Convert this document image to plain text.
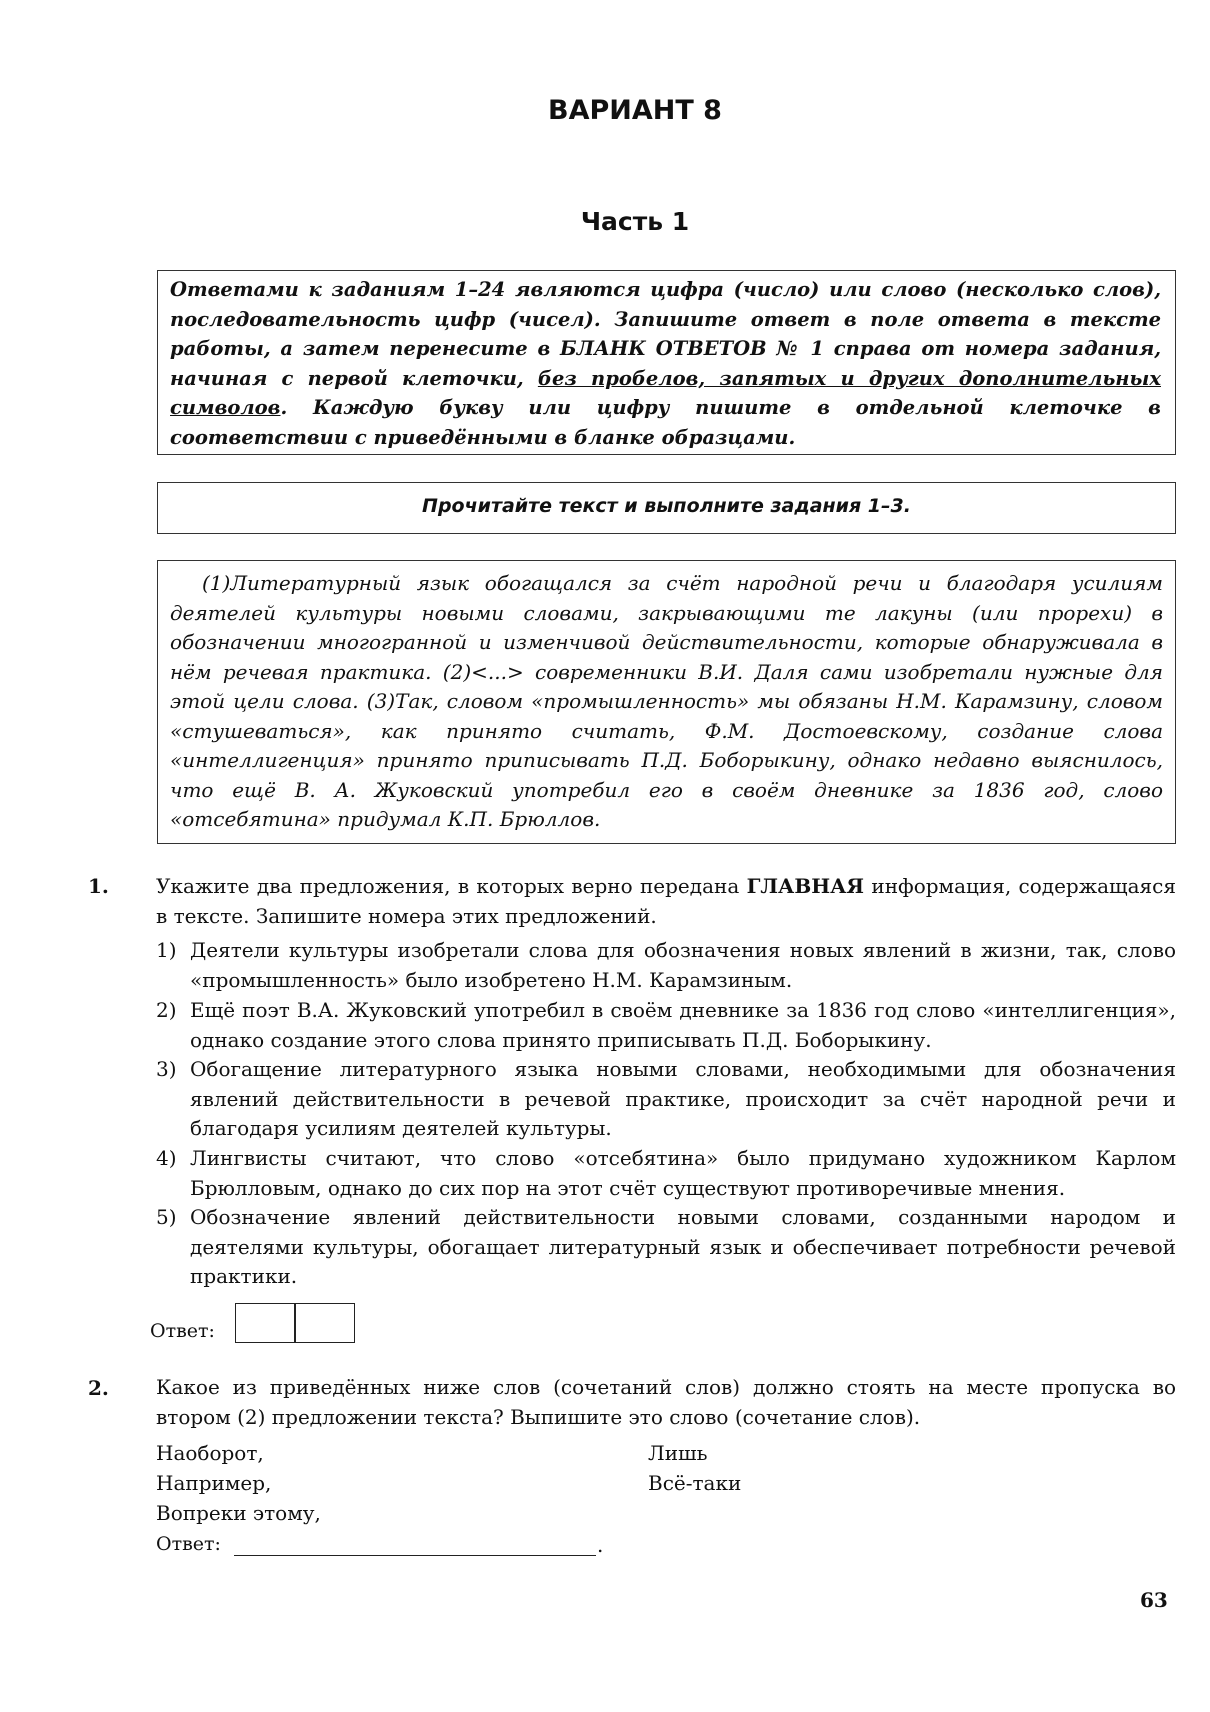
ВАРИАНТ 8
Часть 1
Ответами к заданиям 1–24 являются цифра (число) или слово (несколько слов), последовательность цифр (чисел). Запишите ответ в поле ответа в тексте работы, а затем перенесите в БЛАНК ОТВЕТОВ № 1 справа от номера задания, начиная с первой клеточки, без пробелов, запятых и других дополнительных символов. Каждую букву или цифру пишите в отдельной клеточке в соответствии с приведёнными в бланке образцами.
Прочитайте текст и выполните задания 1–3.
(1)Литературный язык обогащался за счёт народной речи и благодаря усилиям деятелей культуры новыми словами, закрывающими те лакуны (или прорехи) в обозначении многогранной и изменчивой действительности, которые обнаруживала в нём речевая практика. (2)<...> современники В.И. Даля сами изобретали нужные для этой цели слова. (3)Так, словом «промышленность» мы обязаны Н.М. Карамзину, словом «стушеваться», как принято считать, Ф.М. Достоевскому, создание слова «интеллигенция» принято приписывать П.Д. Боборыкину, однако недавно выяснилось, что ещё В. А. Жуковский употребил его в своём дневнике за 1836 год, слово «отсебятина» придумал К.П. Брюллов.
1. Укажите два предложения, в которых верно передана ГЛАВНАЯ информация, содержащаяся в тексте. Запишите номера этих предложений.
1) Деятели культуры изобретали слова для обозначения новых явлений в жизни, так, слово «промышленность» было изобретено Н.М. Карамзиным.
2) Ещё поэт В.А. Жуковский употребил в своём дневнике за 1836 год слово «интеллигенция», однако создание этого слова принято приписывать П.Д. Боборыкину.
3) Обогащение литературного языка новыми словами, необходимыми для обозначения явлений действительности в речевой практике, происходит за счёт народной речи и благодаря усилиям деятелей культуры.
4) Лингвисты считают, что слово «отсебятина» было придумано художником Карлом Брюлловым, однако до сих пор на этот счёт существуют противоречивые мнения.
5) Обозначение явлений действительности новыми словами, созданными народом и деятелями культуры, обогащает литературный язык и обеспечивает потребности речевой практики.
Ответ:
2. Какое из приведённых ниже слов (сочетаний слов) должно стоять на месте пропуска во втором (2) предложении текста? Выпишите это слово (сочетание слов).
Наоборот,
Например,
Вопреки этому,
Лишь
Всё-таки
Ответ:	.
63
